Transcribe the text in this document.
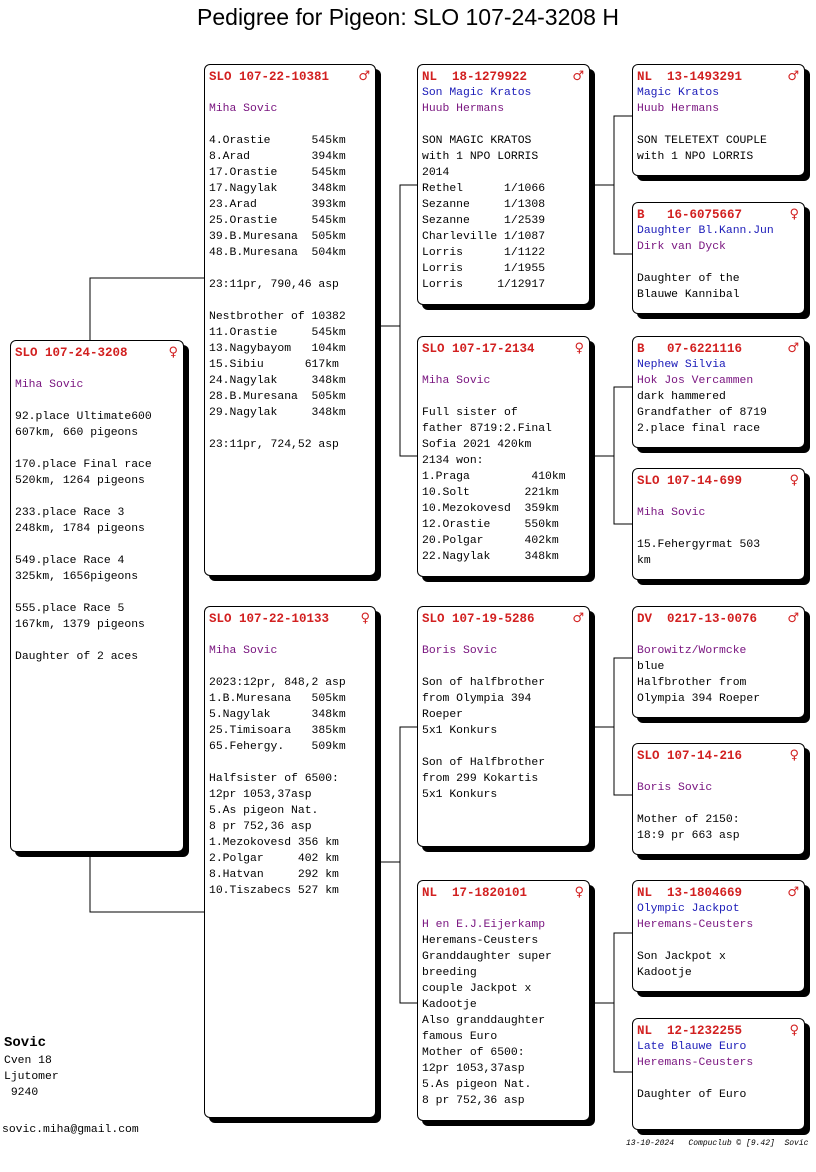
Pedigree for Pigeon: SLO 107-24-3208 H
SLO 107-24-3208	♀
Miha Sovic
92.place Ultimate600
607km, 660 pigeons
170.place Final race
520km, 1264 pigeons
233.place Race 3
248km, 1784 pigeons
549.place Race 4
325km, 1656pigeons
555.place Race 5
167km, 1379 pigeons
Daughter of 2 aces
SLO 107-22-10381 ♂
Miha Sovic
4.Orastie      545km
8.Arad         394km
17.Orastie     545km
17.Nagylak     348km
23.Arad        393km
25.Orastie     545km
39.B.Muresana  505km
48.B.Muresana  504km
23:11pr, 790,46 asp
Nestbrother of 10382
11.Orastie     545km
13.Nagybayom   104km
15.Sibiu      617km
24.Nagylak     348km
28.B.Muresana  505km
29.Nagylak     348km
23:11pr, 724,52 asp
SLO 107-22-10133 ♀
Miha Sovic
2023:12pr, 848,2 asp
1.B.Muresana   505km
5.Nagylak      348km
25.Timisoara   385km
65.Fehergy.    509km
Halfsister of 6500:
12pr 1053,37asp
5.As pigeon Nat.
8 pr 752,36 asp
1.Mezokovesd 356 km
2.Polgar     402 km
8.Hatvan     292 km
10.Tiszabecs 527 km
NL  18-1279922	♂
Son Magic Kratos
Huub Hermans
SON MAGIC KRATOS
with 1 NPO LORRIS
2014
Rethel      1/1066
Sezanne     1/1308
Sezanne     1/2539
Charleville 1/1087
Lorris      1/1122
Lorris      1/1955
Lorris     1/12917
SLO 107-17-2134	♀
Miha Sovic
Full sister of
father 8719:2.Final
Sofia 2021 420km
2134 won:
1.Praga         410km
10.Solt        221km
10.Mezokovesd  359km
12.Orastie     550km
20.Polgar      402km
22.Nagylak     348km
SLO 107-19-5286	♂
Boris Sovic
Son of halfbrother
from Olympia 394
Roeper
5x1 Konkurs
Son of Halfbrother
from 299 Kokartis
5x1 Konkurs
NL  17-1820101	♀
H en E.J.Eijerkamp
Heremans-Ceusters
Granddaughter super
breeding
couple Jackpot x
Kadootje
Also granddaughter
famous Euro
Mother of 6500:
12pr 1053,37asp
5.As pigeon Nat.
8 pr 752,36 asp
NL  13-1493291	♂
Magic Kratos
Huub Hermans
SON TELETEXT COUPLE
with 1 NPO LORRIS
B   16-6075667	♀
Daughter Bl.Kann.Jun
Dirk van Dyck
Daughter of the
Blauwe Kannibal
B   07-6221116	♂
Nephew Silvia
Hok Jos Vercammen
dark hammered
Grandfather of 8719
2.place final race
SLO 107-14-699	♀
Miha Sovic
15.Fehergyrmat 503
km
DV  0217-13-0076 ♂
Borowitz/Wormcke
blue
Halfbrother from
Olympia 394 Roeper
SLO 107-14-216	♀
Boris Sovic
Mother of 2150:
18:9 pr 663 asp
NL  13-1804669	♂
Olympic Jackpot
Heremans-Ceusters
Son Jackpot x
Kadootje
NL  12-1232255	♀
Late Blauwe Euro
Heremans-Ceusters
Daughter of Euro
Sovic
Cven 18
Ljutomer
9240
sovic.miha@gmail.com
13-10-2024 Compuclub © [9.42]  Sovic
